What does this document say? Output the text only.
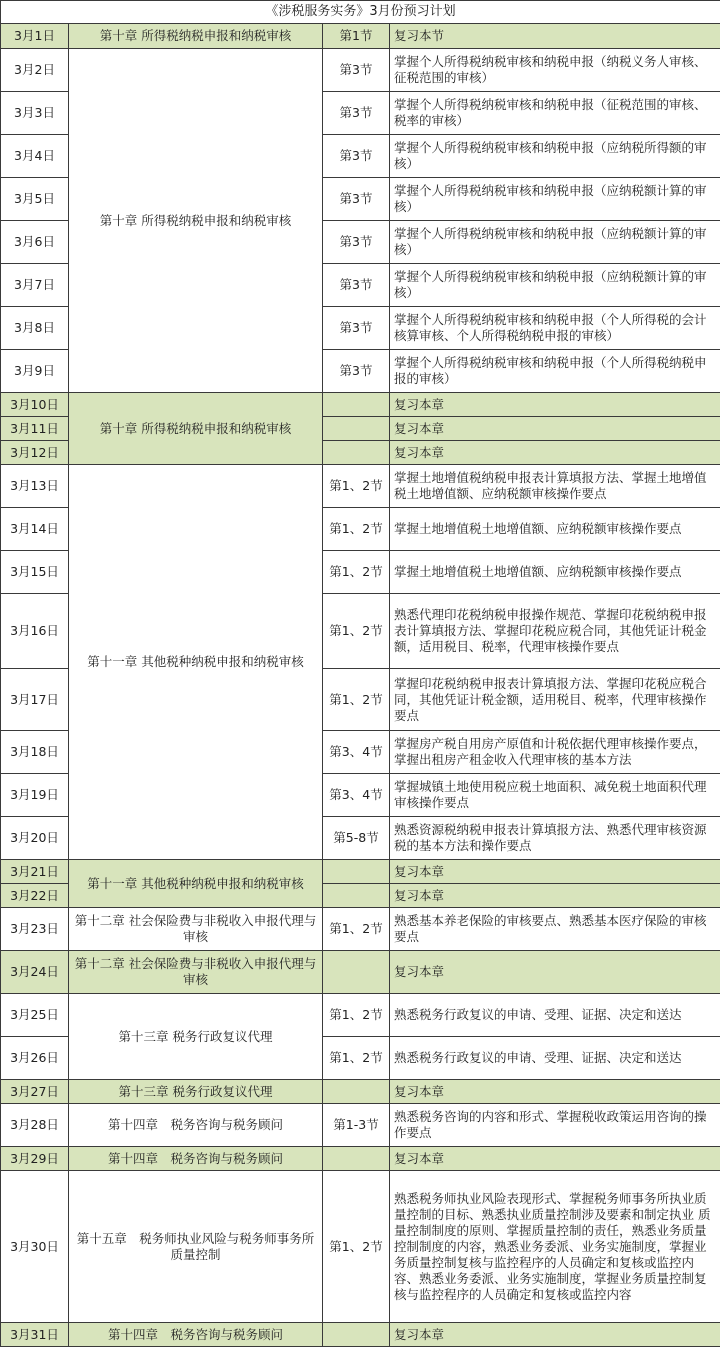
《涉税服务实务》3月份预习计划			
3月1日	第十章 所得税纳税申报和纳税审核	第1节	复习本节
3月2日	第十章 所得税纳税申报和纳税审核	第3节	掌握个人所得税纳税审核和纳税申报（纳税义务人审核、征税范围的审核）
3月3日		第3节	掌握个人所得税纳税审核和纳税申报（征税范围的审核、税率的审核）
3月4日		第3节	掌握个人所得税纳税审核和纳税申报（应纳税所得额的审核）
3月5日		第3节	掌握个人所得税纳税审核和纳税申报（应纳税额计算的审核）
3月6日		第3节	掌握个人所得税纳税审核和纳税申报（应纳税额计算的审核）
3月7日		第3节	掌握个人所得税纳税审核和纳税申报（应纳税额计算的审核）
3月8日		第3节	掌握个人所得税纳税审核和纳税申报（个人所得税的会计核算审核、个人所得税纳税申报的审核）
3月9日		第3节	掌握个人所得税纳税审核和纳税申报（个人所得税纳税申报的审核）
3月10日	第十章 所得税纳税申报和纳税审核		复习本章
3月11日			复习本章
3月12日			复习本章
3月13日	第十一章 其他税种纳税申报和纳税审核	第1、2节	掌握土地增值税纳税申报表计算填报方法、掌握土地增值税土地增值额、应纳税额审核操作要点
3月14日		第1、2节	掌握土地增值税土地增值额、应纳税额审核操作要点
3月15日		第1、2节	掌握土地增值税土地增值额、应纳税额审核操作要点
3月16日		第1、2节	熟悉代理印花税纳税申报操作规范、掌握印花税纳税申报表计算填报方法、掌握印花税应税合同，其他凭证计税金额，适用税目、税率，代理审核操作要点
3月17日		第1、2节	掌握印花税纳税申报表计算填报方法、掌握印花税应税合同，其他凭证计税金额，适用税目、税率，代理审核操作要点
3月18日		第3、4节	掌握房产税自用房产原值和计税依据代理审核操作要点，掌握出租房产租金收入代理审核的基本方法
3月19日		第3、4节	掌握城镇土地使用税应税土地面积、减免税土地面积代理审核操作要点
3月20日		第5-8节	熟悉资源税纳税申报表计算填报方法、熟悉代理审核资源税的基本方法和操作要点
3月21日	第十一章 其他税种纳税申报和纳税审核		复习本章
3月22日			复习本章
3月23日	第十二章 社会保险费与非税收入申报代理与审核	第1、2节	熟悉基本养老保险的审核要点、熟悉基本医疗保险的审核要点
3月24日	第十二章 社会保险费与非税收入申报代理与审核		复习本章
3月25日	第十三章 税务行政复议代理	第1、2节	熟悉税务行政复议的申请、受理、证据、决定和送达
3月26日		第1、2节	熟悉税务行政复议的申请、受理、证据、决定和送达
3月27日	第十三章 税务行政复议代理		复习本章
3月28日	第十四章　税务咨询与税务顾问	第1-3节	熟悉税务咨询的内容和形式、掌握税收政策运用咨询的操作要点
3月29日	第十四章　税务咨询与税务顾问		复习本章
3月30日	第十五章　税务师执业风险与税务师事务所质量控制	第1、2节	熟悉税务师执业风险表现形式、掌握税务师事务所执业质量控制的目标、熟悉执业质量控制涉及要素和制定执业 质量控制制度的原则、掌握质量控制的责任，熟悉业务质量控制制度的内容，熟悉业务委派、业务实施制度，掌握业务质量控制复核与监控程序的人员确定和复核或监控内容、熟悉业务委派、业务实施制度，掌握业务质量控制复核与监控程序的人员确定和复核或监控内容
3月31日	第十四章　税务咨询与税务顾问		复习本章
